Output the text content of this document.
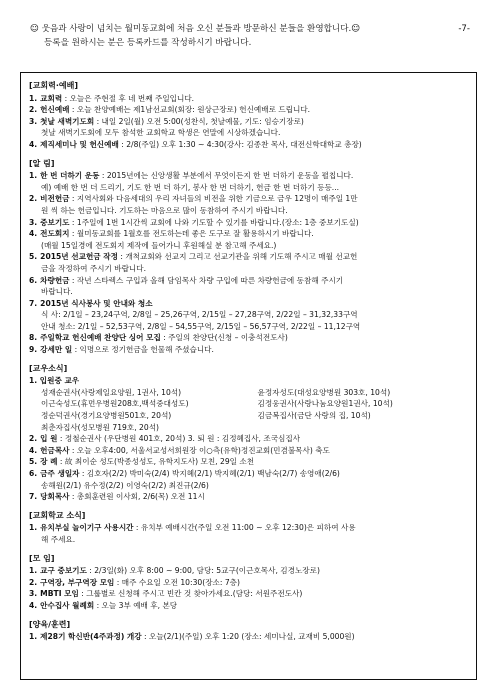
☺ 웃음과 사랑이 넘치는 월미동교회에 처음 오신 분들과 방문하신 분들을 환영합니다.☺	-7-
등록을 원하시는 분은 등록카드를 작성하시기 바랍니다.
[교회력·예배]
1. 교회력 : 오늘은 주현절 후 네 번째 주일입니다.
2. 헌신예배 : 오늘 찬양예배는 제1남선교회(회장: 원상근장로) 헌신예배로 드립니다.
3. 첫날 새벽기도회 : 내일 2일(월) 오전 5:00(성찬식, 첫날예물, 기도: 임승기장로)
첫날 새벽기도회에 모두 참석한 교회학교 학생은 연말에 시상하겠습니다.
4. 제직세미나 및 헌신예배 : 2/8(주일) 오후 1:30 ~ 4:30(강사: 김종찬 목사, 대전신학대학교 총장)
[알 림]
1. 한 번 더하기 운동 : 2015년에는 신앙생활 부분에서 무엇이든지 한 번 더하기 운동을 펼칩니다.
예) 예배 한 번 더 드리기, 기도 한 번 더 하기, 봉사 한 번 더하기, 헌금 한 번 더하기 등등...
2. 비전헌금 : 지역사회와 다음세대의 우리 자녀들의 비전을 위한 기금으로 금우 12명이 매주일 1만
원 씩 하는 헌금입니다. 기도하는 마음으로 많이 동참하여 주시기 바랍니다.
3. 중보기도 : 1주일에 1번 1시간씩 교회에 나와 기도할 수 있기를 바랍니다.(장소: 1층 중보기도실)
4. 전도회지 : 월미동교회를 1월호를 전도하는데 좋은 도구로 잘 활용하시기 바랍니다.
(매월 15일경에 전도회지 제작에 들어가니 후원해실 분 참고해 주세요.)
5. 2015년 선교헌금 작정 : 개척교회와 선교지 그리고 선교기관을 위해 기도해 주시고 매월 선교헌
금을 작정하여 주시기 바랍니다.
6. 차량헌금 : 작년 스타렉스 구입과 올해 담임목사 차량 구입에 따른 차량헌금에 동참해 주시기
바랍니다.
7. 2015년 식사봉사 및 안내와 청소
식 사: 2/1일 – 23,24구역, 2/8일 – 25,26구역, 2/15일 – 27,28구역, 2/22일 – 31,32,33구역
안내 청소: 2/1일 – 52,53구역, 2/8일 – 54,55구역, 2/15일 – 56,57구역, 2/22일 – 11,12구역
8. 주일학교 헌신예배 찬양단 싱어 모집 : 주일의 찬양단(신청 – 이충석전도사)
9. 강세만 일 : 익명으로 정기헌금을 헌물해 주셨습니다.
[교우소식]
1. 입원중 교우
성재순권사(사랑제일요양원, 1권사, 10석)	윤정자성도(대성요양병원 303호, 10석)
이근숙성도(휴먼우병원208호,백석중대성도)	김정웅권사(사랑나눔요양원1권사, 10석)
정순덕권사(경기요양병원501호, 20석)	김금복집사(금단 사랑의 집, 10석)
최춘자집사(성모병원 719호, 20석)
2. 입 원 : 정철순권사 (우단병원 401호, 20석) 3. 퇴 원 : 김정혜집사, 조국심집사
4. 헌금목사 : 오늘 오후4:00, 서울서교성서희원장 이○측(유학)정진교회(민겸불목사) 축도
5. 장 례 : 故 최이순 성도(박종성성도, 유학지도사) 모친, 29일 소천
6. 금주 생일자 : 김호자(2/2) 박미숙(2/4) 박지혜(2/1) 박지혜(2/1) 백남숙(2/7) 송영애(2/6)
송해원(2/1) 유수정(2/2) 이영숙(2/2) 최진규(2/6)
7. 당회목사 : 총회훈련원 이사회, 2/6(목) 오전 11시
[교회학교 소식]
1. 유치부실 놀이기구 사용시간 : 유치부 예배시간(주일 오전 11:00 ~ 오후 12:30)은 피하여 사용
해 주세요.
[모 임]
1. 교구 중보기도 : 2/3일(화) 오후 8:00 ~ 9:00, 담당: 5교구(이근호목사, 김경노장로)
2. 구역장, 부구역장 모임 : 매주 수요일 오전 10:30(장소: 7층)
3. MBTI 모임 : 그룹별로 신청해 주시고 빈칸 것 찾아가세요.(담당: 서원주전도사)
4. 안수집사 월례회 : 오늘 3부 예배 후, 본당
[양육/훈련]
1. 제28기 학신반(4주과정) 개강 : 오늘(2/1)(주일) 오후 1:20 (장소: 세미나실, 교재비 5,000원)
